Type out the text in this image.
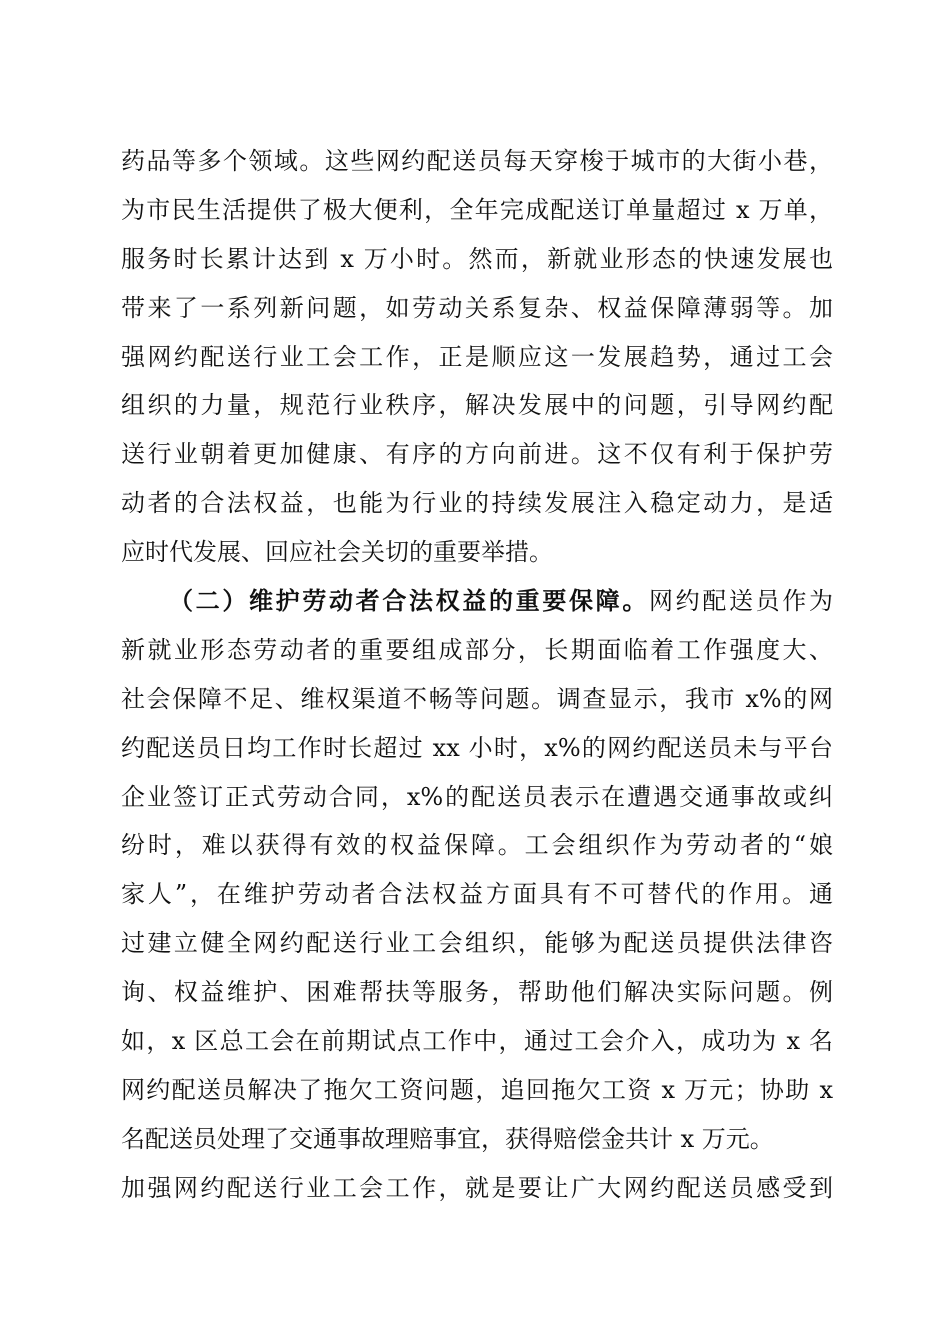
药品等多个领域。这些网约配送员每天穿梭于城市的大街小巷，
为市民生活提供了极大便利，全年完成配送订单量超过 x 万单，
服务时长累计达到 x 万小时。然而，新就业形态的快速发展也
带来了一系列新问题，如劳动关系复杂、权益保障薄弱等。加
强网约配送行业工会工作，正是顺应这一发展趋势，通过工会
组织的力量，规范行业秩序，解决发展中的问题，引导网约配
送行业朝着更加健康、有序的方向前进。这不仅有利于保护劳
动者的合法权益，也能为行业的持续发展注入稳定动力，是适
应时代发展、回应社会关切的重要举措。
（二）维护劳动者合法权益的重要保障。网约配送员作为
新就业形态劳动者的重要组成部分，长期面临着工作强度大、
社会保障不足、维权渠道不畅等问题。调查显示，我市 x%的网
约配送员日均工作时长超过 xx 小时，x%的网约配送员未与平台
企业签订正式劳动合同，x%的配送员表示在遭遇交通事故或纠
纷时，难以获得有效的权益保障。工会组织作为劳动者的“娘
家人”，在维护劳动者合法权益方面具有不可替代的作用。通
过建立健全网约配送行业工会组织，能够为配送员提供法律咨
询、权益维护、困难帮扶等服务，帮助他们解决实际问题。例
如，x 区总工会在前期试点工作中，通过工会介入，成功为 x 名
网约配送员解决了拖欠工资问题，追回拖欠工资 x 万元；协助 x
名配送员处理了交通事故理赔事宜，获得赔偿金共计 x 万元。
加强网约配送行业工会工作，就是要让广大网约配送员感受到
